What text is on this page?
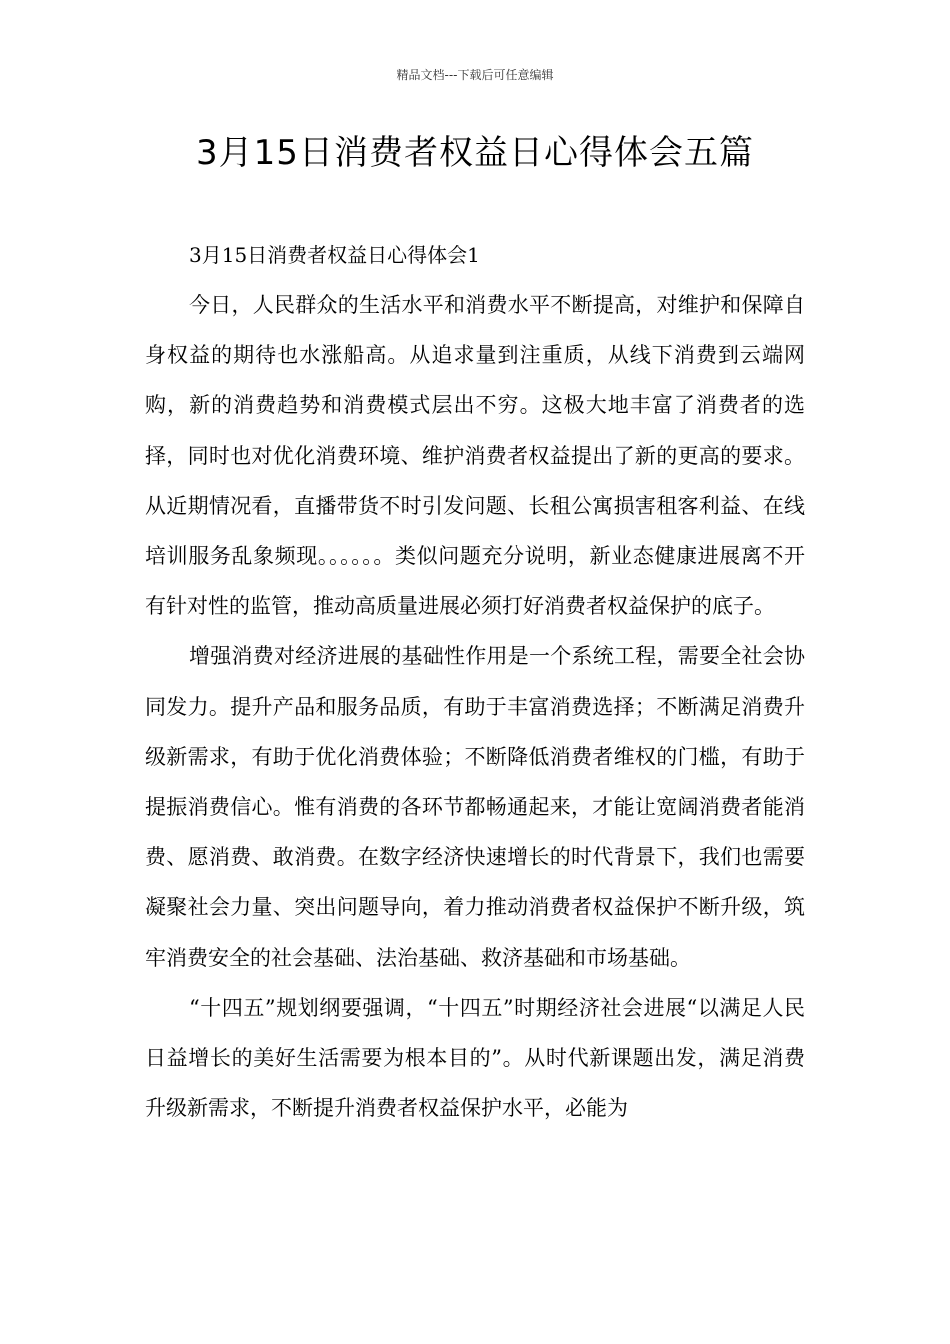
精品文档---下载后可任意编辑
3月15日消费者权益日心得体会五篇

3月15日消费者权益日心得体会1

今日，人民群众的生活水平和消费水平不断提高，对维护和保障自身权益的期待也水涨船高。从追求量到注重质，从线下消费到云端网购，新的消费趋势和消费模式层出不穷。这极大地丰富了消费者的选择，同时也对优化消费环境、维护消费者权益提出了新的更高的要求。从近期情况看，直播带货不时引发问题、长租公寓损害租客利益、在线培训服务乱象频现。。。。。。类似问题充分说明，新业态健康进展离不开有针对性的监管，推动高质量进展必须打好消费者权益保护的底子。

增强消费对经济进展的基础性作用是一个系统工程，需要全社会协同发力。提升产品和服务品质，有助于丰富消费选择；不断满足消费升级新需求，有助于优化消费体验；不断降低消费者维权的门槛，有助于提振消费信心。惟有消费的各环节都畅通起来，才能让宽阔消费者能消费、愿消费、敢消费。在数字经济快速增长的时代背景下，我们也需要凝聚社会力量、突出问题导向，着力推动消费者权益保护不断升级，筑牢消费安全的社会基础、法治基础、救济基础和市场基础。

“十四五”规划纲要强调，“十四五”时期经济社会进展“以满足人民日益增长的美好生活需要为根本目的”。从时代新课题出发，满足消费升级新需求，不断提升消费者权益保护水平，必能为
